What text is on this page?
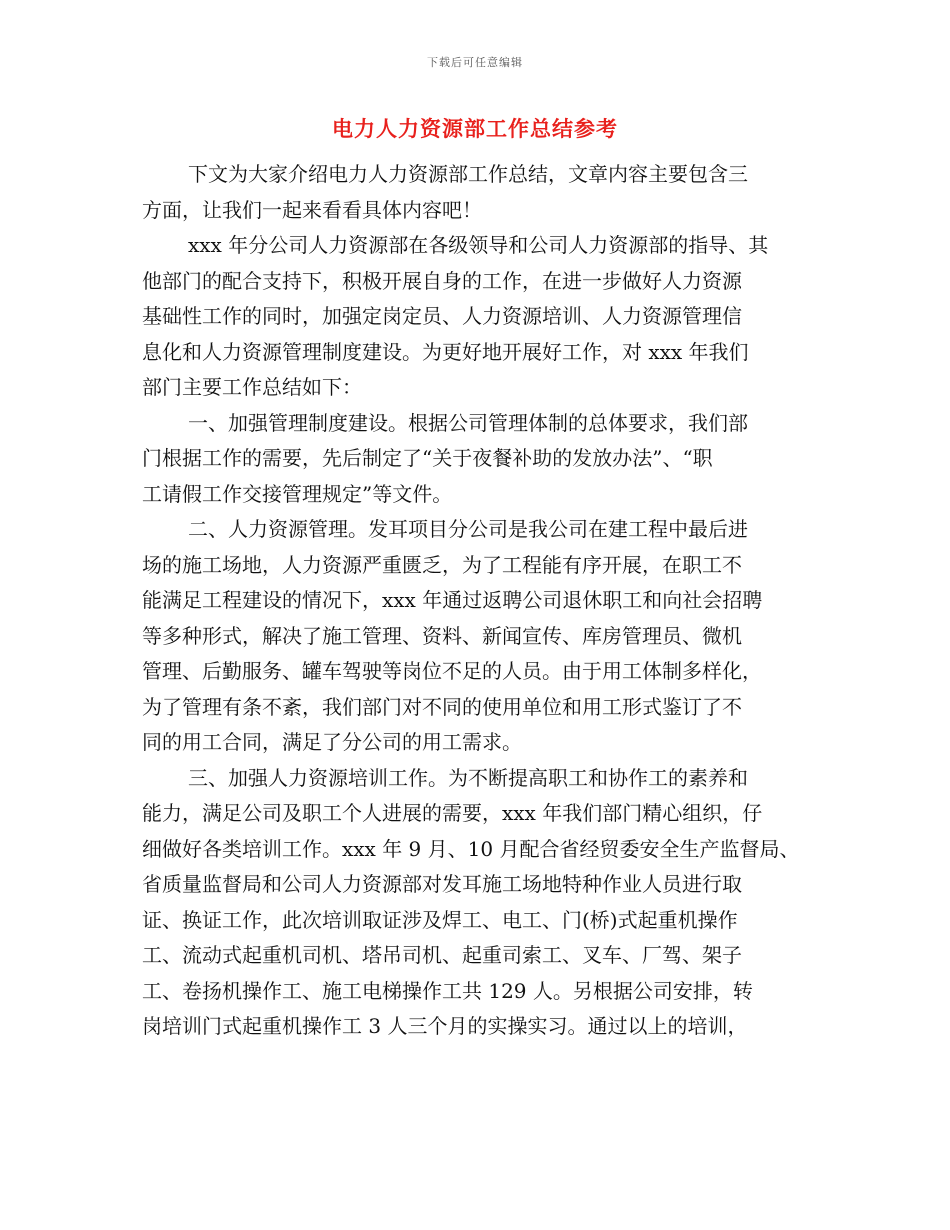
下载后可任意编辑
电力人力资源部工作总结参考
下文为大家介绍电力人力资源部工作总结，文章内容主要包含三
方面，让我们一起来看看具体内容吧！
xxx 年分公司人力资源部在各级领导和公司人力资源部的指导、其
他部门的配合支持下，积极开展自身的工作，在进一步做好人力资源
基础性工作的同时，加强定岗定员、人力资源培训、人力资源管理信
息化和人力资源管理制度建设。为更好地开展好工作，对 xxx 年我们
部门主要工作总结如下：
一、加强管理制度建设。根据公司管理体制的总体要求，我们部
门根据工作的需要，先后制定了“关于夜餐补助的发放办法”、“职
工请假工作交接管理规定”等文件。
二、人力资源管理。发耳项目分公司是我公司在建工程中最后进
场的施工场地，人力资源严重匮乏，为了工程能有序开展，在职工不
能满足工程建设的情况下，xxx 年通过返聘公司退休职工和向社会招聘
等多种形式，解决了施工管理、资料、新闻宣传、库房管理员、微机
管理、后勤服务、罐车驾驶等岗位不足的人员。由于用工体制多样化，
为了管理有条不紊，我们部门对不同的使用单位和用工形式鉴订了不
同的用工合同，满足了分公司的用工需求。
三、加强人力资源培训工作。为不断提高职工和协作工的素养和
能力，满足公司及职工个人进展的需要，xxx 年我们部门精心组织，仔
细做好各类培训工作。xxx 年 9 月、10 月配合省经贸委安全生产监督局、
省质量监督局和公司人力资源部对发耳施工场地特种作业人员进行取
证、换证工作，此次培训取证涉及焊工、电工、门(桥)式起重机操作
工、流动式起重机司机、塔吊司机、起重司索工、叉车、厂驾、架子
工、卷扬机操作工、施工电梯操作工共 129 人。另根据公司安排，转
岗培训门式起重机操作工 3 人三个月的实操实习。通过以上的培训，
